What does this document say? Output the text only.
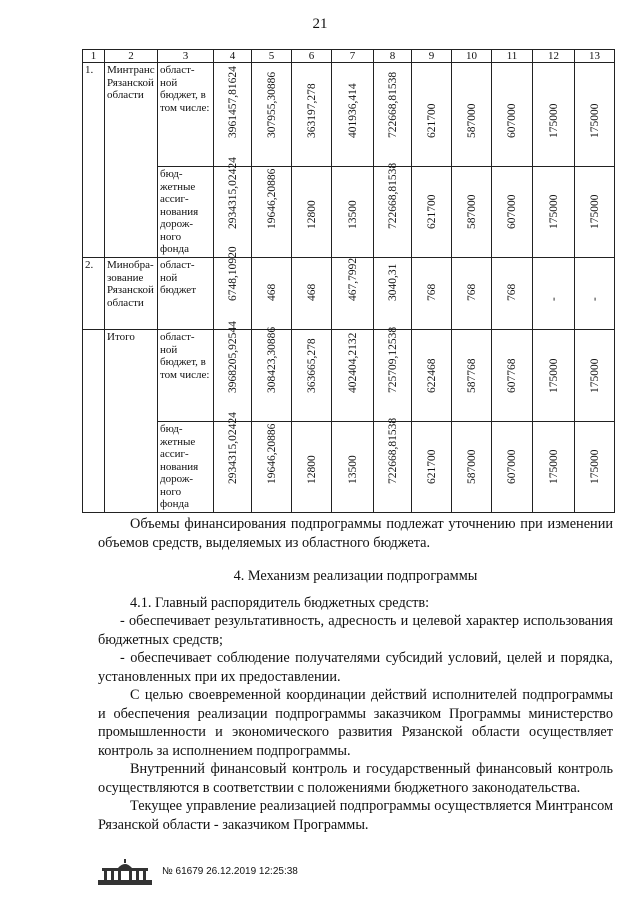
21
1	2	3	4	5	6	7	8	9	10	11	12	13
1.	Минтранс Рязанской области	област-ной бюджет, в том числе:	3961457,81624	307955,30886	363197,278	401936,414	722668,81538	621700	587000	607000	175000	175000

		бюд-жетные ассиг-нования дорож-ного фонда	2934315,02424	19646,20886	12800	13500	722668,81538	621700	587000	607000	175000	175000

2.	Минобра-зование Рязанской области	област-ной бюджет	6748,10920	468	468	467,7992	3040,31	768	768	768	-	-

	Итого	област-ной бюджет, в том числе:	3968205,92544	308423,30886	363665,278	402404,2132	725709,12538	622468	587768	607768	175000	175000

		бюд-жетные ассиг-нования дорож-ного фонда	2934315,02424	19646,20886	12800	13500	722668,81538	621700	587000	607000	175000	175000

Объемы финансирования подпрограммы подлежат уточнению при изменении объемов средств, выделяемых из областного бюджета.

4. Механизм реализации подпрограммы

4.1. Главный распорядитель бюджетных средств:

- обеспечивает результативность, адресность и целевой характер использования бюджетных средств;

- обеспечивает соблюдение получателями субсидий условий, целей и порядка, установленных при их предоставлении.

С целью своевременной координации действий исполнителей подпрограммы и обеспечения реализации подпрограммы заказчиком Программы министерство промышленности и экономического развития Рязанской области осуществляет контроль за исполнением подпрограммы.

Внутренний финансовый контроль и государственный финансовый контроль осуществляются в соответствии с положениями бюджетного законодательства.

Текущее управление реализацией подпрограммы осуществляется Минтрансом Рязанской области - заказчиком Программы.

№ 61679 26.12.2019 12:25:38
